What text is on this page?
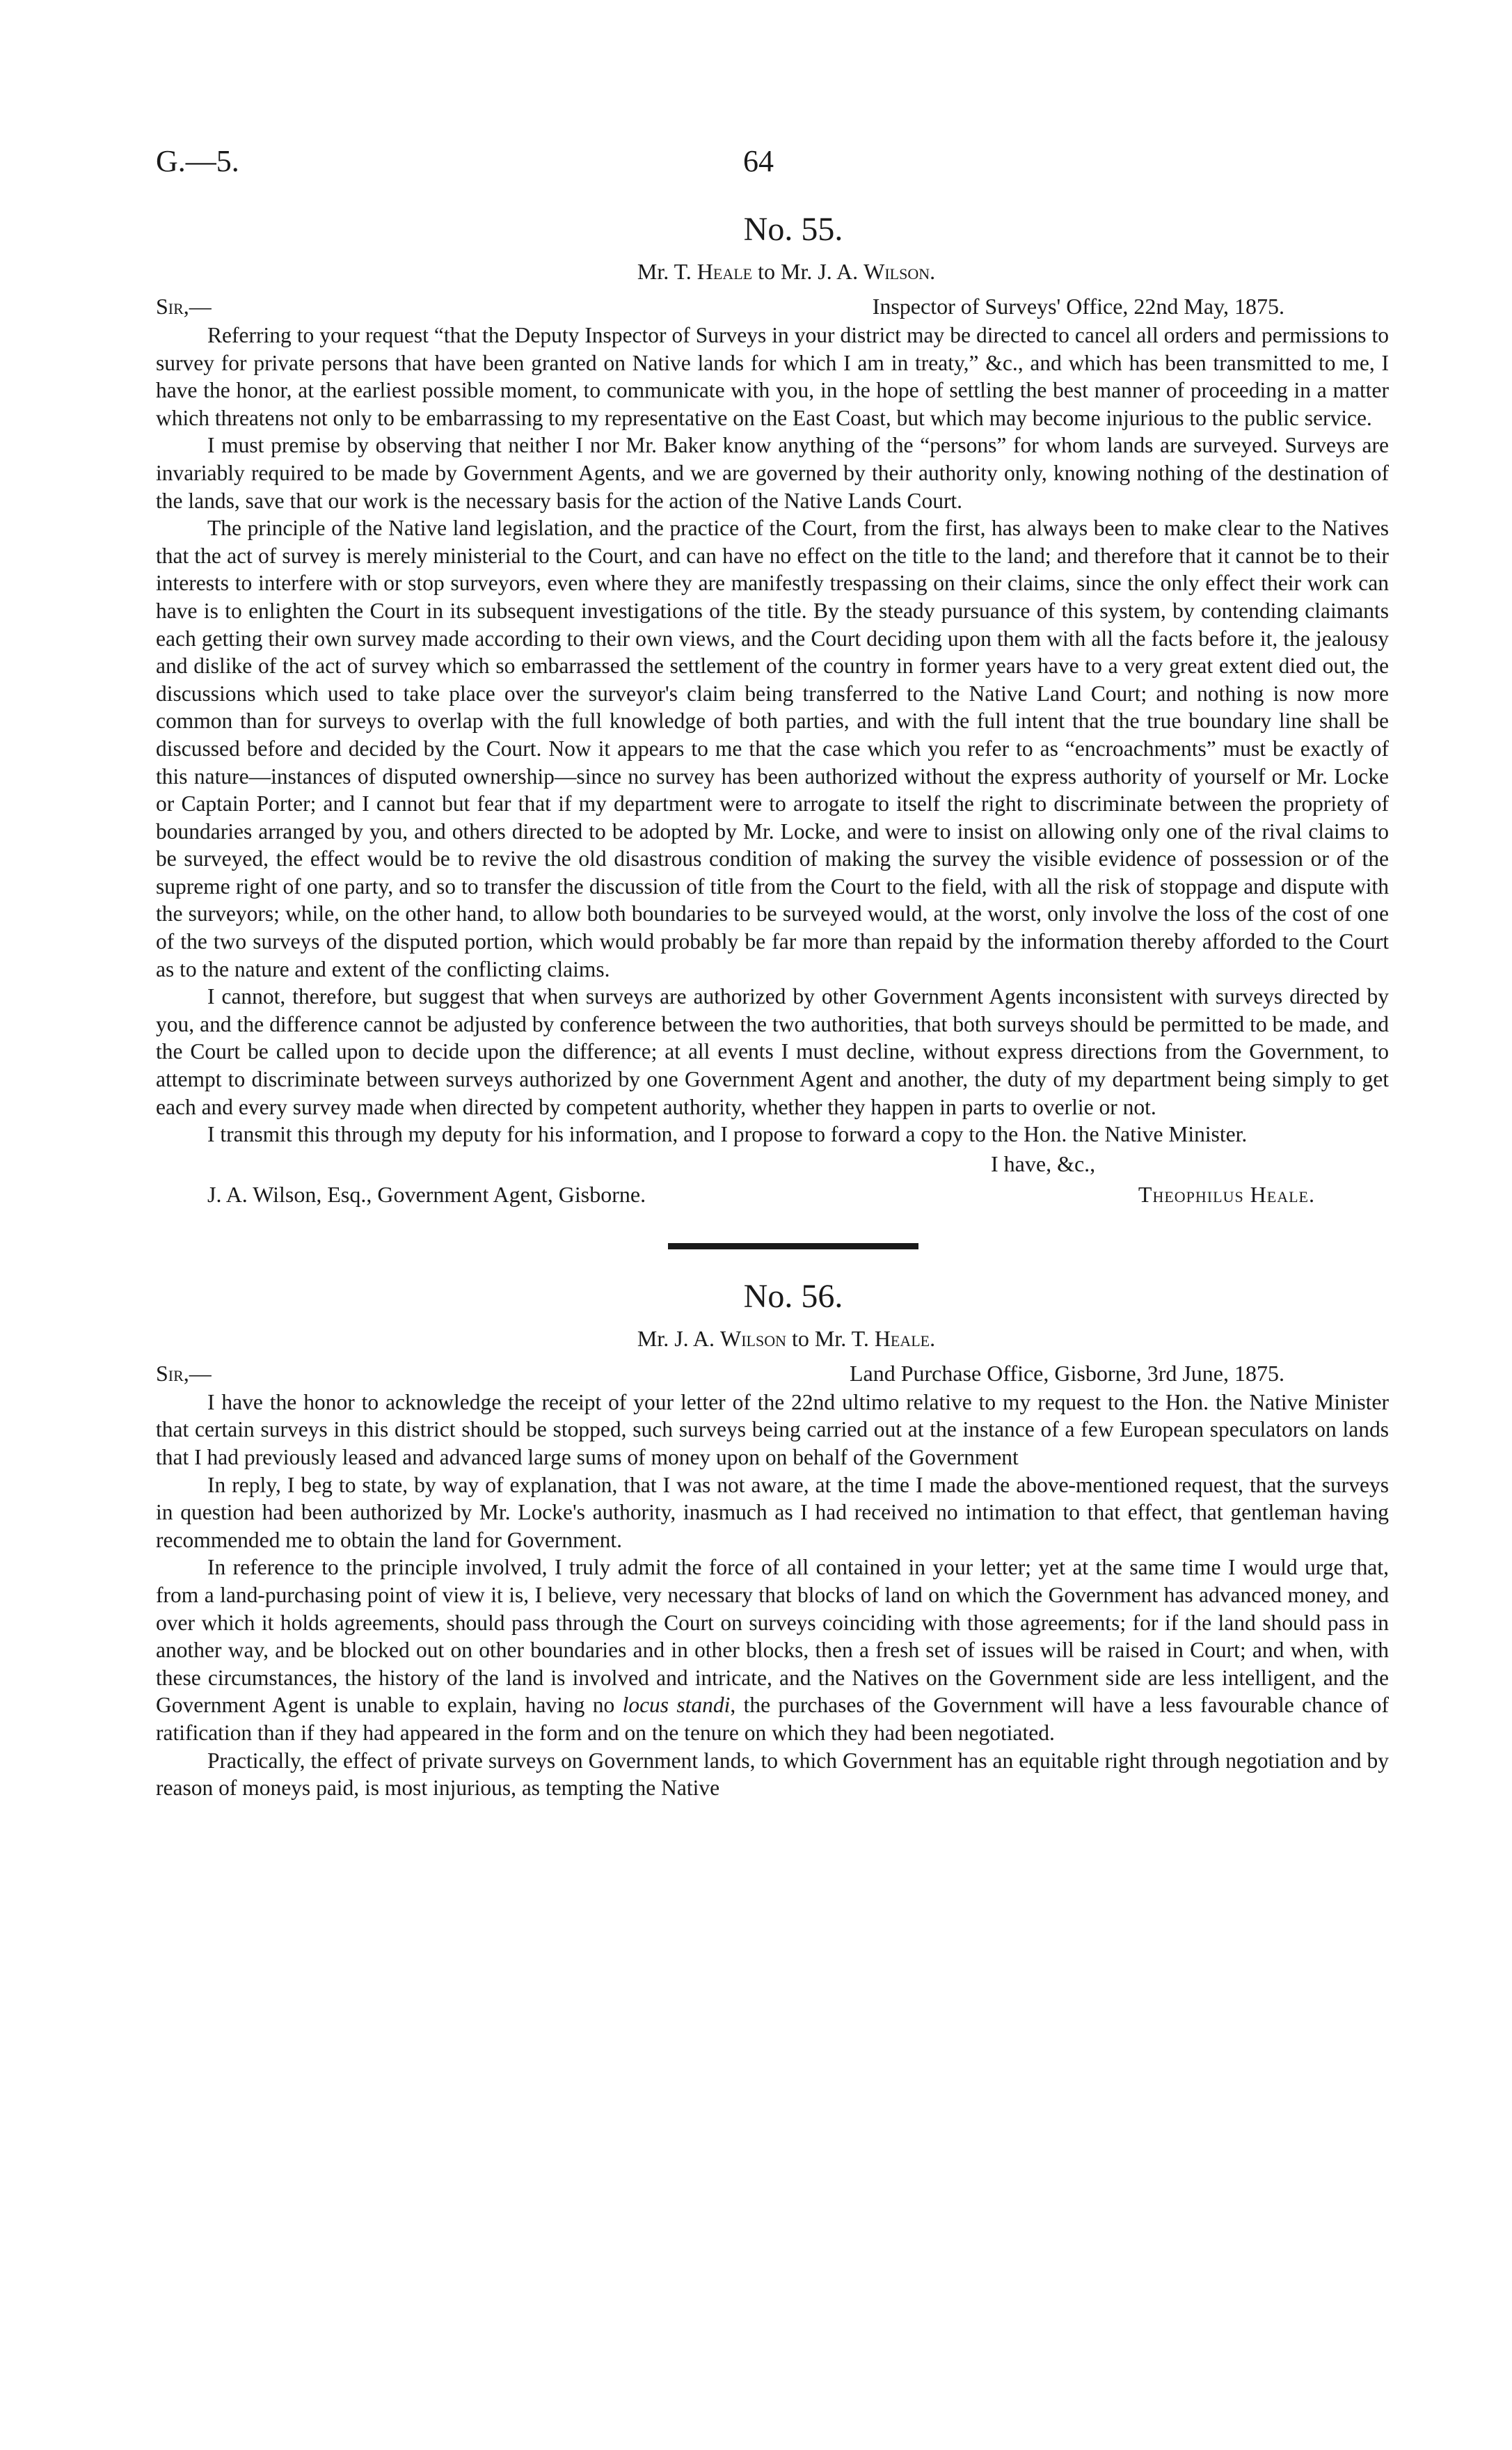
G.—5.	64
No. 55.
Mr. T. Heale to Mr. J. A. Wilson.
Sir,—	Inspector of Surveys' Office, 22nd May, 1875.

Referring to your request “that the Deputy Inspector of Surveys in your district may be directed to cancel all orders and permissions to survey for private persons that have been granted on Native lands for which I am in treaty,” &c., and which has been transmitted to me, I have the honor, at the earliest possible moment, to communicate with you, in the hope of settling the best manner of proceeding in a matter which threatens not only to be embarrassing to my representative on the East Coast, but which may become injurious to the public service.

I must premise by observing that neither I nor Mr. Baker know anything of the “persons” for whom lands are surveyed. Surveys are invariably required to be made by Government Agents, and we are governed by their authority only, knowing nothing of the destination of the lands, save that our work is the necessary basis for the action of the Native Lands Court.

The principle of the Native land legislation, and the practice of the Court, from the first, has always been to make clear to the Natives that the act of survey is merely ministerial to the Court, and can have no effect on the title to the land; and therefore that it cannot be to their interests to interfere with or stop surveyors, even where they are manifestly trespassing on their claims, since the only effect their work can have is to enlighten the Court in its subsequent investigations of the title. By the steady pursuance of this system, by contending claimants each getting their own survey made according to their own views, and the Court deciding upon them with all the facts before it, the jealousy and dislike of the act of survey which so embarrassed the settlement of the country in former years have to a very great extent died out, the discussions which used to take place over the surveyor's claim being transferred to the Native Land Court; and nothing is now more common than for surveys to overlap with the full knowledge of both parties, and with the full intent that the true boundary line shall be discussed before and decided by the Court. Now it appears to me that the case which you refer to as “encroachments” must be exactly of this nature—instances of disputed ownership—since no survey has been authorized without the express authority of yourself or Mr. Locke or Captain Porter; and I cannot but fear that if my department were to arrogate to itself the right to discriminate between the propriety of boundaries arranged by you, and others directed to be adopted by Mr. Locke, and were to insist on allowing only one of the rival claims to be surveyed, the effect would be to revive the old disastrous condition of making the survey the visible evidence of possession or of the supreme right of one party, and so to transfer the discussion of title from the Court to the field, with all the risk of stoppage and dispute with the surveyors; while, on the other hand, to allow both boundaries to be surveyed would, at the worst, only involve the loss of the cost of one of the two surveys of the disputed portion, which would probably be far more than repaid by the information thereby afforded to the Court as to the nature and extent of the conflicting claims.

I cannot, therefore, but suggest that when surveys are authorized by other Government Agents inconsistent with surveys directed by you, and the difference cannot be adjusted by conference between the two authorities, that both surveys should be permitted to be made, and the Court be called upon to decide upon the difference; at all events I must decline, without express directions from the Government, to attempt to discriminate between surveys authorized by one Government Agent and another, the duty of my department being simply to get each and every survey made when directed by competent authority, whether they happen in parts to overlie or not.

I transmit this through my deputy for his information, and I propose to forward a copy to the Hon. the Native Minister.

I have, &c.,
J. A. Wilson, Esq., Government Agent, Gisborne.	Theophilus Heale.
No. 56.
Mr. J. A. Wilson to Mr. T. Heale.
Sir,—	Land Purchase Office, Gisborne, 3rd June, 1875.

I have the honor to acknowledge the receipt of your letter of the 22nd ultimo relative to my request to the Hon. the Native Minister that certain surveys in this district should be stopped, such surveys being carried out at the instance of a few European speculators on lands that I had previously leased and advanced large sums of money upon on behalf of the Government

In reply, I beg to state, by way of explanation, that I was not aware, at the time I made the above-mentioned request, that the surveys in question had been authorized by Mr. Locke's authority, inasmuch as I had received no intimation to that effect, that gentleman having recommended me to obtain the land for Government.

In reference to the principle involved, I truly admit the force of all contained in your letter; yet at the same time I would urge that, from a land-purchasing point of view it is, I believe, very necessary that blocks of land on which the Government has advanced money, and over which it holds agreements, should pass through the Court on surveys coinciding with those agreements; for if the land should pass in another way, and be blocked out on other boundaries and in other blocks, then a fresh set of issues will be raised in Court; and when, with these circumstances, the history of the land is involved and intricate, and the Natives on the Government side are less intelligent, and the Government Agent is unable to explain, having no locus standi, the purchases of the Government will have a less favourable chance of ratification than if they had appeared in the form and on the tenure on which they had been negotiated.

Practically, the effect of private surveys on Government lands, to which Government has an equitable right through negotiation and by reason of moneys paid, is most injurious, as tempting the Native
